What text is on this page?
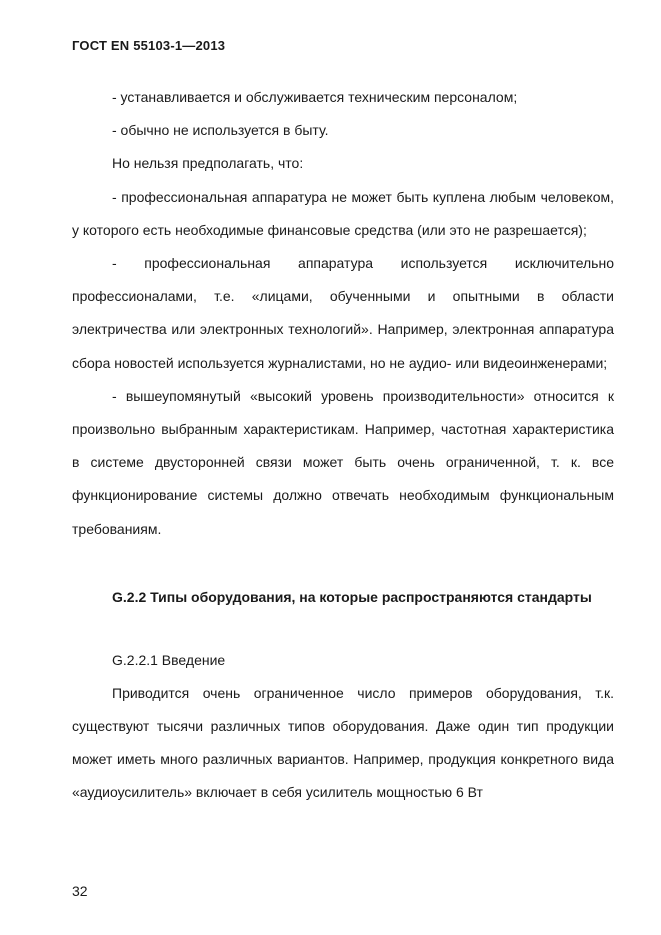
ГОСТ EN 55103-1—2013

- устанавливается и обслуживается техническим персоналом;

- обычно не используется в быту.

Но нельзя предполагать, что:

- профессиональная аппаратура не может быть куплена любым человеком, у которого есть необходимые финансовые средства (или это не разрешается);

- профессиональная аппаратура используется исключительно профессионалами, т.е. «лицами, обученными и опытными в области электричества или электронных технологий». Например, электронная аппаратура сбора новостей используется журналистами, но не аудио- или видеоинженерами;

- вышеупомянутый «высокий уровень производительности» относится к произвольно выбранным характеристикам. Например, частотная характеристика в системе двусторонней связи может быть очень ограниченной, т. к. все функционирование системы должно отвечать необходимым функциональным требованиям.

G.2.2 Типы оборудования, на которые распространяются стандарты

G.2.2.1 Введение

Приводится очень ограниченное число примеров оборудования, т.к. существуют тысячи различных типов оборудования. Даже один тип продукции может иметь много различных вариантов. Например, продукция конкретного вида «аудиоусилитель» включает в себя усилитель мощностью 6 Вт

32
